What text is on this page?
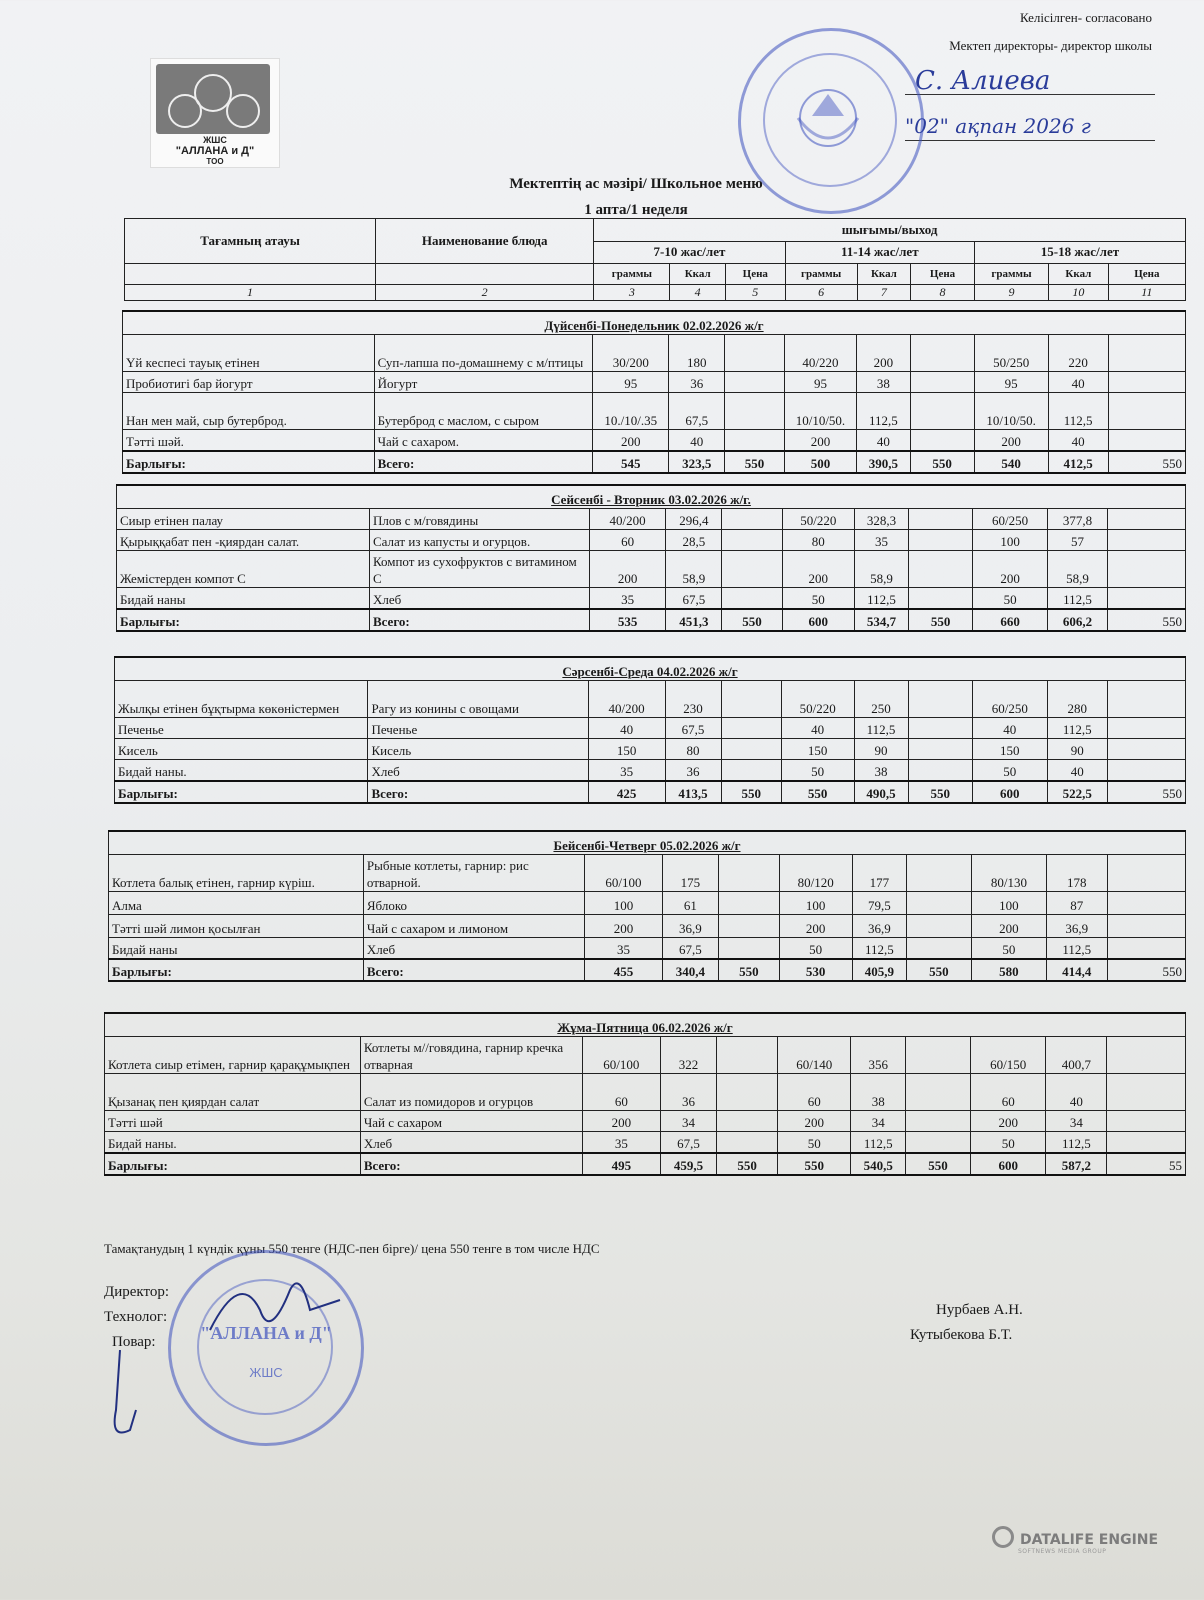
Келісілген- согласовано
Мектеп директоры- директор школы
С. Алиева
"02" ақпан 2026 г
ЖШС
"АЛЛАНА и Д"
ТОО
Мектептің ас мәзірі/ Школьное меню
1 апта/1 неделя
Тағамның атауы	Наименование блюда	шығымы/выход								
		7-10 жас/лет			11-14 жас/лет			15-18 жас/лет		
		граммы	Ккал	Цена	граммы	Ккал	Цена	граммы	Ккал	Цена
1	2	3	4	5	6	7	8	9	10	11
Дүйсенбі-Понедельник 02.02.2026 ж/г										
Үй кеспесі тауық етінен	Суп-лапша по-домашнему с м/птицы	30/200	180		40/220	200		50/250	220	
Пробиотигі бар йогурт	Йогурт	95	36		95	38		95	40	
Нан мен май, сыр бутерброд.	Бутерброд с маслом, с сыром	10./10/.35	67,5		10/10/50.	112,5		10/10/50.	112,5	
Тәтті шәй.	Чай с сахаром.	200	40		200	40		200	40	
Барлығы:	Всего:	545	323,5	550	500	390,5	550	540	412,5	550
Сейсенбі - Вторник 03.02.2026 ж/г.										
Сиыр етінен палау	Плов с м/говядины	40/200	296,4		50/220	328,3		60/250	377,8	
Қырыққабат пен -қиярдан салат.	Салат из капусты и огурцов.	60	28,5		80	35		100	57	
Жемістерден компот С	Компот из сухофруктов с витамином С	200	58,9		200	58,9		200	58,9	
Бидай наны	Хлеб	35	67,5		50	112,5		50	112,5	
Барлығы:	Всего:	535	451,3	550	600	534,7	550	660	606,2	550
Сәрсенбі-Среда 04.02.2026 ж/г										
Жылқы етінен бұқтырма көкөністермен	Рагу из конины с овощами	40/200	230		50/220	250		60/250	280	
Печенье	Печенье	40	67,5		40	112,5		40	112,5	
Кисель	Кисель	150	80		150	90		150	90	
Бидай наны.	Хлеб	35	36		50	38		50	40	
Барлығы:	Всего:	425	413,5	550	550	490,5	550	600	522,5	550
Бейсенбі-Четверг 05.02.2026 ж/г										
Котлета балық етінен, гарнир күріш.	Рыбные котлеты, гарнир: рис отварной.	60/100	175		80/120	177		80/130	178	
Алма	Яблоко	100	61		100	79,5		100	87	
Тәтті шәй лимон қосылған	Чай с сахаром и лимоном	200	36,9		200	36,9		200	36,9	
Бидай наны	Хлеб	35	67,5		50	112,5		50	112,5	
Барлығы:	Всего:	455	340,4	550	530	405,9	550	580	414,4	550
Жұма-Пятница 06.02.2026 ж/г										
Котлета сиыр етімен, гарнир қарақұмықпен	Котлеты м//говядина, гарнир кречка отварная	60/100	322		60/140	356		60/150	400,7	
Қызанақ пен қиярдан салат	Салат из помидоров и огурцов	60	36		60	38		60	40	
Тәтті шәй	Чай с сахаром	200	34		200	34		200	34	
Бидай наны.	Хлеб	35	67,5		50	112,5		50	112,5	
Барлығы:	Всего:	495	459,5	550	550	540,5	550	600	587,2	55
Тамақтанудың 1 күндік құны 550 тенге (НДС-пен бірге)/ цена 550 тенге в том числе НДС
Директор:
Технолог:
Повар:
Нурбаев А.Н.
Кутыбекова Б.Т.
"АЛЛАНА и Д"
ЖШС
DATALIFE ENGINE
SOFTNEWS MEDIA GROUP
